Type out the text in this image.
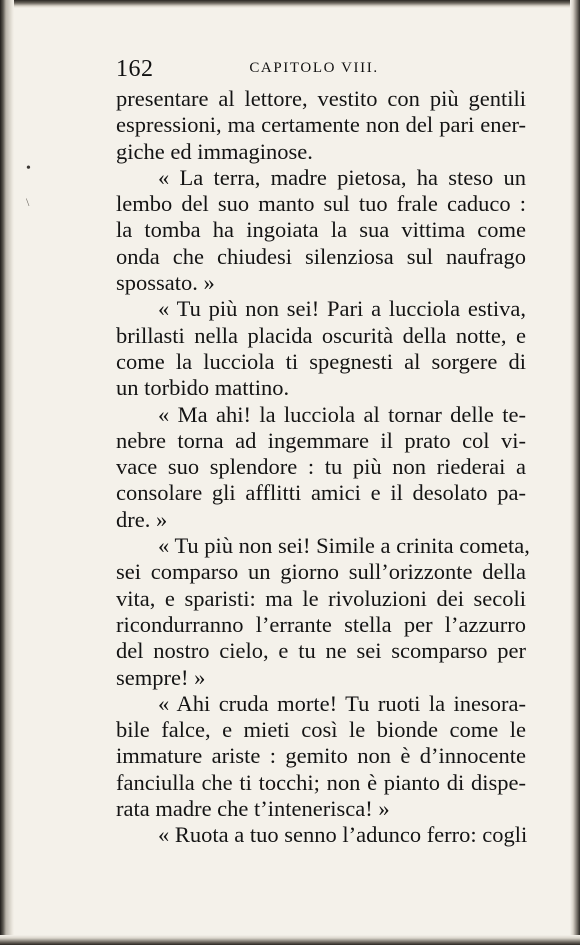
•
\
162	CAPITOLO VIII.
presentare al lettore, vestito con più gentili
espressioni, ma certamente non del pari ener-
giche ed immaginose.
« La terra, madre pietosa, ha steso un
lembo del suo manto sul tuo frale caduco :
la tomba ha ingoiata la sua vittima come
onda che chiudesi silenziosa sul naufrago
spossato. »
« Tu più non sei! Pari a lucciola estiva,
brillasti nella placida oscurità della notte, e
come la lucciola ti spegnesti al sorgere di
un torbido mattino.
« Ma ahi! la lucciola al tornar delle te-
nebre torna ad ingemmare il prato col vi-
vace suo splendore : tu più non riederai a
consolare gli afflitti amici e il desolato pa-
dre. »
« Tu più non sei! Simile a crinita cometa,
sei comparso un giorno sull’orizzonte della
vita, e sparisti: ma le rivoluzioni dei secoli
ricondurranno l’errante stella per l’azzurro
del nostro cielo, e tu ne sei scomparso per
sempre! »
« Ahi cruda morte! Tu ruoti la inesora-
bile falce, e mieti così le bionde come le
immature ariste : gemito non è d’innocente
fanciulla che ti tocchi; non è pianto di dispe-
rata madre che t’intenerisca! »
« Ruota a tuo senno l’adunco ferro: cogli
